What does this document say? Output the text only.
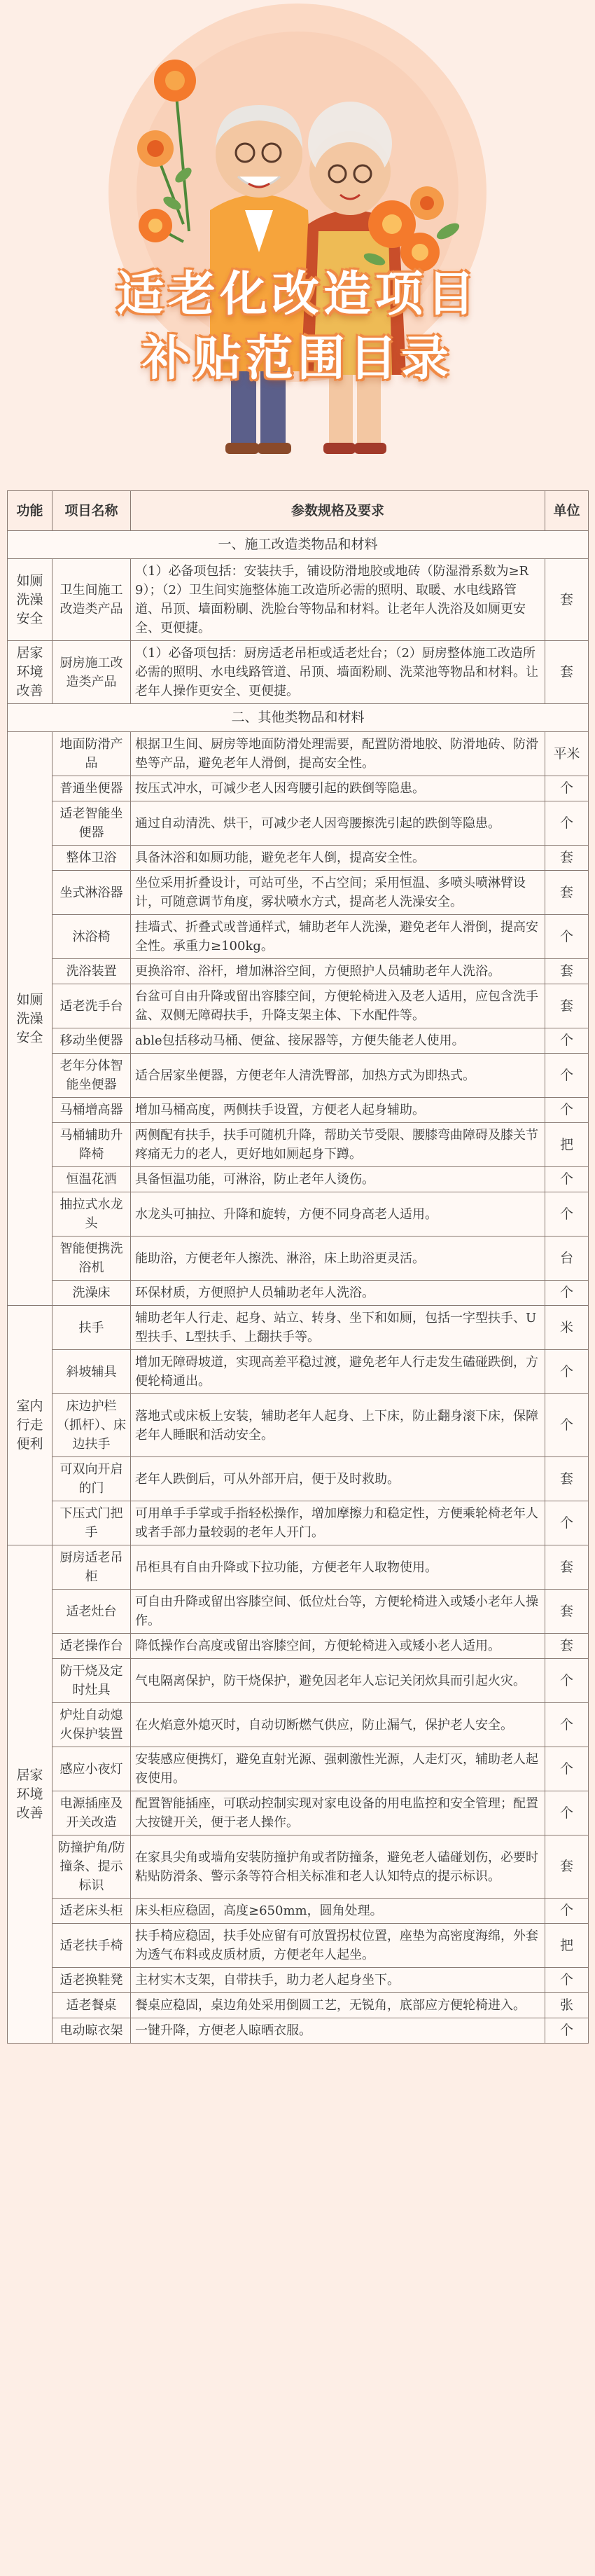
适老化改造项目
补贴范围目录
功能	项目名称	参数规格及要求	单位
一、施工改造类物品和材料			
如厕洗澡安全	卫生间施工改造类产品	（1）必备项包括：安装扶手，铺设防滑地胶或地砖（防湿滑系数为≥R9）；（2）卫生间实施整体施工改造所必需的照明、取暖、水电线路管道、吊顶、墙面粉刷、洗脸台等物品和材料。让老年人洗浴及如厕更安全、更便捷。	套
居家环境改善	厨房施工改造类产品	（1）必备项包括：厨房适老吊柜或适老灶台；（2）厨房整体施工改造所必需的照明、水电线路管道、吊顶、墙面粉刷、洗菜池等物品和材料。让老年人操作更安全、更便捷。	套
二、其他类物品和材料			
如厕洗澡安全	地面防滑产品	根据卫生间、厨房等地面防滑处理需要，配置防滑地胶、防滑地砖、防滑垫等产品，避免老年人滑倒，提高安全性。	平米
	普通坐便器	按压式冲水，可减少老人因弯腰引起的跌倒等隐患。	个
	适老智能坐便器	通过自动清洗、烘干，可减少老人因弯腰擦洗引起的跌倒等隐患。	个
	整体卫浴	具备沐浴和如厕功能，避免老年人倒，提高安全性。	套
	坐式淋浴器	坐位采用折叠设计，可站可坐，不占空间；采用恒温、多喷头喷淋臂设计，可随意调节角度，雾状喷水方式，提高老人洗澡安全。	套
	沐浴椅	挂墙式、折叠式或普通样式，辅助老年人洗澡，避免老年人滑倒，提高安全性。承重力≥100kg。	个
	洗浴装置	更换浴帘、浴杆，增加淋浴空间，方便照护人员辅助老年人洗浴。	套
	适老洗手台	台盆可自由升降或留出容膝空间，方便轮椅进入及老人适用，应包含洗手盆、双侧无障碍扶手，升降支架主体、下水配件等。	套
	移动坐便器	able包括移动马桶、便盆、接尿器等，方便失能老人使用。	个
	老年分体智能坐便器	适合居家坐便器，方便老年人清洗臀部，加热方式为即热式。	个
	马桶增高器	增加马桶高度，两侧扶手设置，方便老人起身辅助。	个
	马桶辅助升降椅	两侧配有扶手，扶手可随机升降，帮助关节受限、腰膝弯曲障碍及膝关节疼痛无力的老人，更好地如厕起身下蹲。	把
	恒温花洒	具备恒温功能，可淋浴，防止老年人烫伤。	个
	抽拉式水龙头	水龙头可抽拉、升降和旋转，方便不同身高老人适用。	个
	智能便携洗浴机	能助浴，方便老年人擦洗、淋浴，床上助浴更灵活。	台
	洗澡床	环保材质，方便照护人员辅助老年人洗浴。	个
室内行走便利	扶手	辅助老年人行走、起身、站立、转身、坐下和如厕，包括一字型扶手、U型扶手、L型扶手、上翻扶手等。	米
	斜坡辅具	增加无障碍坡道，实现高差平稳过渡，避免老年人行走发生磕碰跌倒，方便轮椅通出。	个
	床边护栏（抓杆）、床边扶手	落地式或床板上安装，辅助老年人起身、上下床，防止翻身滚下床，保障老年人睡眠和活动安全。	个
	可双向开启的门	老年人跌倒后，可从外部开启，便于及时救助。	套
	下压式门把手	可用单手手掌或手指轻松操作，增加摩擦力和稳定性，方便乘轮椅老年人或者手部力量较弱的老年人开门。	个
居家环境改善	厨房适老吊柜	吊柜具有自由升降或下拉功能，方便老年人取物使用。	套
	适老灶台	可自由升降或留出容膝空间、低位灶台等，方便轮椅进入或矮小老年人操作。	套
	适老操作台	降低操作台高度或留出容膝空间，方便轮椅进入或矮小老人适用。	套
	防干烧及定时灶具	气电隔离保护，防干烧保护，避免因老年人忘记关闭炊具而引起火灾。	个
	炉灶自动熄火保护装置	在火焰意外熄灭时，自动切断燃气供应，防止漏气，保护老人安全。	个
	感应小夜灯	安装感应便携灯，避免直射光源、强刺激性光源，人走灯灭，辅助老人起夜使用。	个
	电源插座及开关改造	配置智能插座，可联动控制实现对家电设备的用电监控和安全管理；配置大按键开关，便于老人操作。	个
	防撞护角/防撞条、提示标识	在家具尖角或墙角安装防撞护角或者防撞条，避免老人磕碰划伤，必要时粘贴防滑条、警示条等符合相关标准和老人认知特点的提示标识。	套
	适老床头柜	床头柜应稳固，高度≥650mm，圆角处理。	个
	适老扶手椅	扶手椅应稳固，扶手处应留有可放置拐杖位置，座垫为高密度海绵，外套为透气布料或皮质材质，方便老年人起坐。	把
	适老换鞋凳	主材实木支架，自带扶手，助力老人起身坐下。	个
	适老餐桌	餐桌应稳固，桌边角处采用倒圆工艺，无锐角，底部应方便轮椅进入。	张
	电动晾衣架	一键升降，方便老人晾晒衣服。	个
